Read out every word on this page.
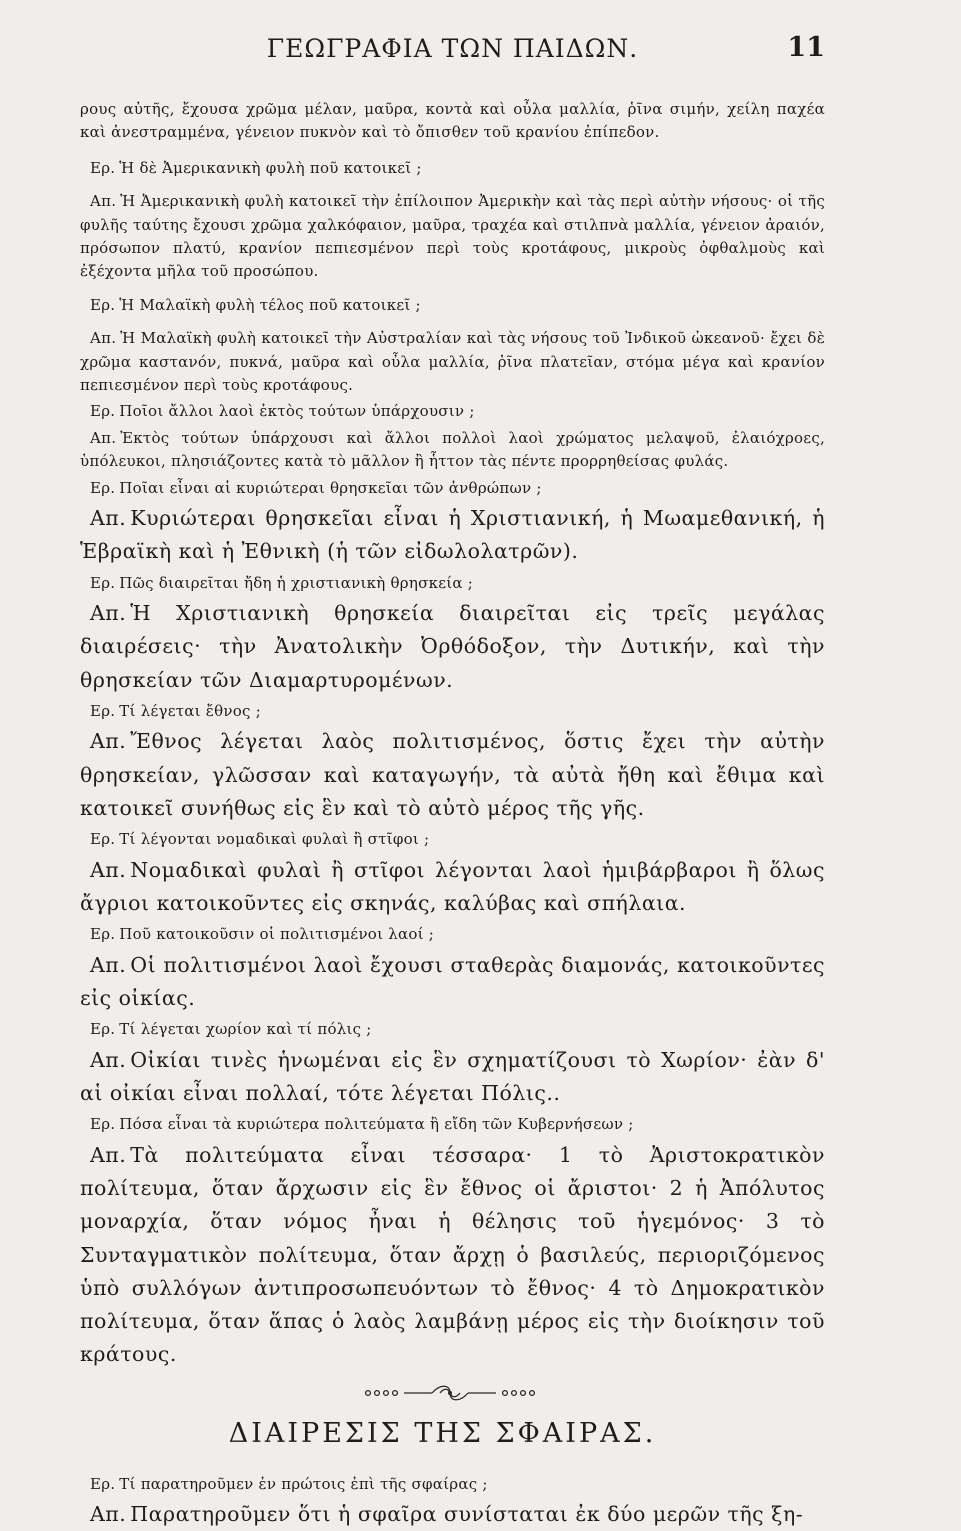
ΓΕΩΓΡΑΦΙΑ ΤΩΝ ΠΑΙΔΩΝ.	11

ρους αὐτῆς, ἔχουσα χρῶμα μέλαν, μαῦρα, κοντὰ καὶ οὖλα μαλλία, ῥῖνα σιμήν, χείλη παχέα καὶ ἀνεστραμμένα, γένειον πυκνὸν καὶ τὸ ὄπισθεν τοῦ κρανίου ἐπίπεδον.

Ερ. Ἡ δὲ Ἀμερικανικὴ φυλὴ ποῦ κατοικεῖ ;

Απ. Ἡ Ἀμερικανικὴ φυλὴ κατοικεῖ τὴν ἐπίλοιπον Ἀμερικὴν καὶ τὰς περὶ αὐτὴν νήσους· οἱ τῆς φυλῆς ταύτης ἔχουσι χρῶμα χαλκόφαιον, μαῦρα, τραχέα καὶ στιλπνὰ μαλλία, γένειον ἀραιόν, πρόσωπον πλατύ, κρανίον πεπιεσμένον περὶ τοὺς κροτάφους, μικροὺς ὀφθαλμοὺς καὶ ἐξέχοντα μῆλα τοῦ προσώπου.

Ερ. Ἡ Μαλαϊκὴ φυλὴ τέλος ποῦ κατοικεῖ ;

Απ. Ἡ Μαλαϊκὴ φυλὴ κατοικεῖ τὴν Αὐστραλίαν καὶ τὰς νήσους τοῦ Ἰνδικοῦ ὠκεανοῦ· ἔχει δὲ χρῶμα καστανόν, πυκνά, μαῦρα καὶ οὖλα μαλλία, ῥῖνα πλατεῖαν, στόμα μέγα καὶ κρανίον πεπιεσμένον περὶ τοὺς κροτάφους.

Ερ. Ποῖοι ἄλλοι λαοὶ ἐκτὸς τούτων ὑπάρχουσιν ;

Απ. Ἐκτὸς τούτων ὑπάρχουσι καὶ ἄλλοι πολλοὶ λαοὶ χρώματος μελαψοῦ, ἐλαιόχροες, ὑπόλευκοι, πλησιάζοντες κατὰ τὸ μᾶλλον ἢ ἧττον τὰς πέντε προρρηθείσας φυλάς.

Ερ. Ποῖαι εἶναι αἱ κυριώτεραι θρησκεῖαι τῶν ἀνθρώπων ;

Απ. Κυριώτεραι θρησκεῖαι εἶναι ἡ Χριστιανική, ἡ Μωαμεθανική, ἡ Ἑβραϊκὴ καὶ ἡ Ἐθνικὴ (ἡ τῶν εἰδωλολατρῶν).

Ερ. Πῶς διαιρεῖται ἤδη ἡ χριστιανικὴ θρησκεία ;

Απ. Ἡ Χριστιανικὴ θρησκεία διαιρεῖται εἰς τρεῖς μεγάλας διαιρέσεις· τὴν Ἀνατολικὴν Ὀρθόδοξον, τὴν Δυτικήν, καὶ τὴν θρησκείαν τῶν Διαμαρτυρομένων.

Ερ. Τί λέγεται ἔθνος ;

Απ. Ἔθνος λέγεται λαὸς πολιτισμένος, ὅστις ἔχει τὴν αὐτὴν θρησκείαν, γλῶσσαν καὶ καταγωγήν, τὰ αὐτὰ ἤθη καὶ ἔθιμα καὶ κατοικεῖ συνήθως εἰς ἓν καὶ τὸ αὐτὸ μέρος τῆς γῆς.

Ερ. Τί λέγονται νομαδικαὶ φυλαὶ ἢ στῖφοι ;

Απ. Νομαδικαὶ φυλαὶ ἢ στῖφοι λέγονται λαοὶ ἡμιβάρβαροι ἢ ὅλως ἄγριοι κατοικοῦντες εἰς σκηνάς, καλύβας καὶ σπήλαια.

Ερ. Ποῦ κατοικοῦσιν οἱ πολιτισμένοι λαοί ;

Απ. Οἱ πολιτισμένοι λαοὶ ἔχουσι σταθερὰς διαμονάς, κατοικοῦντες εἰς οἰκίας.

Ερ. Τί λέγεται χωρίον καὶ τί πόλις ;

Απ. Οἰκίαι τινὲς ἡνωμέναι εἰς ἓν σχηματίζουσι τὸ Χωρίον· ἐὰν δ' αἱ οἰκίαι εἶναι πολλαί, τότε λέγεται Πόλις..

Ερ. Πόσα εἶναι τὰ κυριώτερα πολιτεύματα ἢ εἴδη τῶν Κυβερνήσεων ;

Απ. Τὰ πολιτεύματα εἶναι τέσσαρα· 1 τὸ Ἀριστοκρατικὸν πολίτευμα, ὅταν ἄρχωσιν εἰς ἓν ἔθνος οἱ ἄριστοι· 2 ἡ Ἀπόλυτος μοναρχία, ὅταν νόμος ἦναι ἡ θέλησις τοῦ ἡγεμόνος· 3 τὸ Συνταγματικὸν πολίτευμα, ὅταν ἄρχῃ ὁ βασιλεύς, περιοριζόμενος ὑπὸ συλλόγων ἀντιπροσωπευόντων τὸ ἔθνος· 4 τὸ Δημοκρατικὸν πολίτευμα, ὅταν ἅπας ὁ λαὸς λαμβάνῃ μέρος εἰς τὴν διοίκησιν τοῦ κράτους.

ΔΙΑΙΡΕΣΙΣ ΤΗΣ ΣΦΑΙΡΑΣ.

Ερ. Τί παρατηροῦμεν ἐν πρώτοις ἐπὶ τῆς σφαίρας ;

Απ. Παρατηροῦμεν ὅτι ἡ σφαῖρα συνίσταται ἐκ δύο μερῶν τῆς ξη-
